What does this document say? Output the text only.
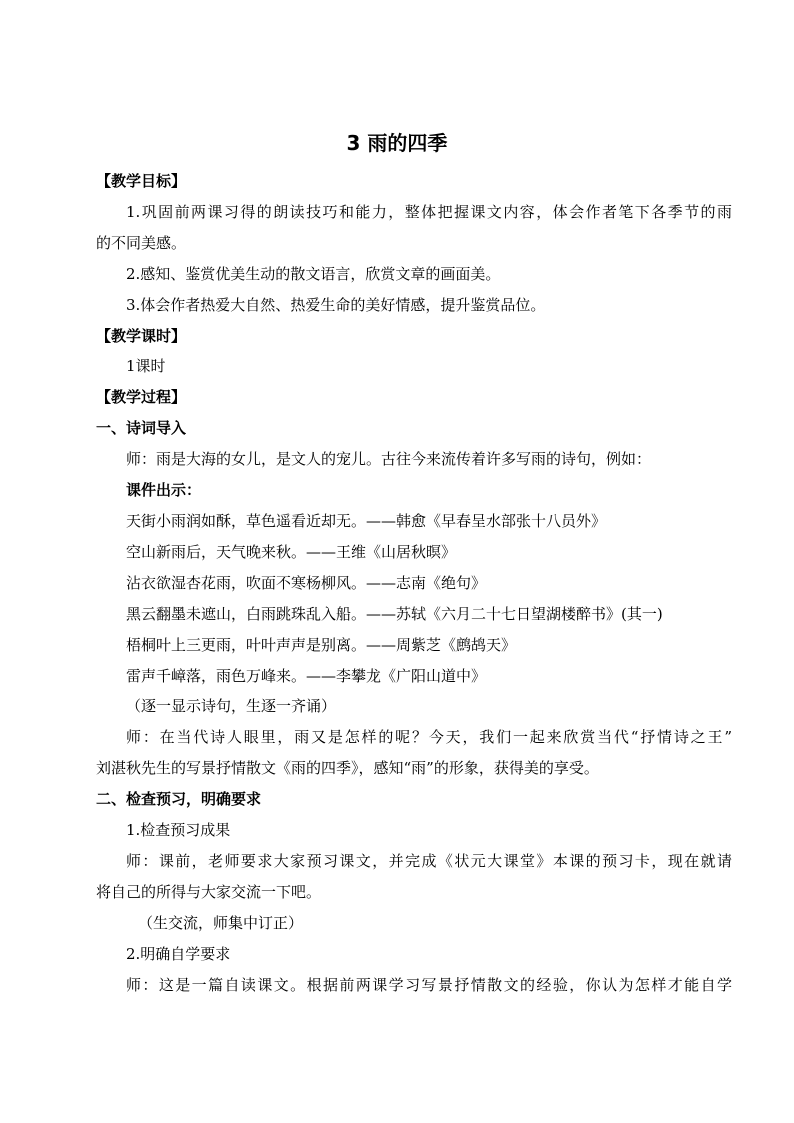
3 雨的四季
【教学目标】
1.巩固前两课习得的朗读技巧和能力，整体把握课文内容，体会作者笔下各季节的雨
的不同美感。
2.感知、鉴赏优美生动的散文语言，欣赏文章的画面美。
3.体会作者热爱大自然、热爱生命的美好情感，提升鉴赏品位。
【教学课时】
1课时
【教学过程】
一、诗词导入
师：雨是大海的女儿，是文人的宠儿。古往今来流传着许多写雨的诗句，例如：
课件出示：
天街小雨润如酥，草色遥看近却无。——韩愈《早春呈水部张十八员外》
空山新雨后，天气晚来秋。——王维《山居秋暝》
沾衣欲湿杏花雨，吹面不寒杨柳风。——志南《绝句》
黑云翻墨未遮山，白雨跳珠乱入船。——苏轼《六月二十七日望湖楼醉书》(其一)
梧桐叶上三更雨，叶叶声声是别离。——周紫芝《鹧鸪天》
雷声千嶂落，雨色万峰来。——李攀龙《广阳山道中》
（逐一显示诗句，生逐一齐诵）
师：在当代诗人眼里，雨又是怎样的呢？今天，我们一起来欣赏当代“抒情诗之王”
刘湛秋先生的写景抒情散文《雨的四季》，感知“雨”的形象，获得美的享受。
二、检查预习，明确要求
1.检查预习成果
师：课前，老师要求大家预习课文，并完成《状元大课堂》本课的预习卡，现在就请
将自己的所得与大家交流一下吧。
（生交流，师集中订正）
2.明确自学要求
师：这是一篇自读课文。根据前两课学习写景抒情散文的经验，你认为怎样才能自学
